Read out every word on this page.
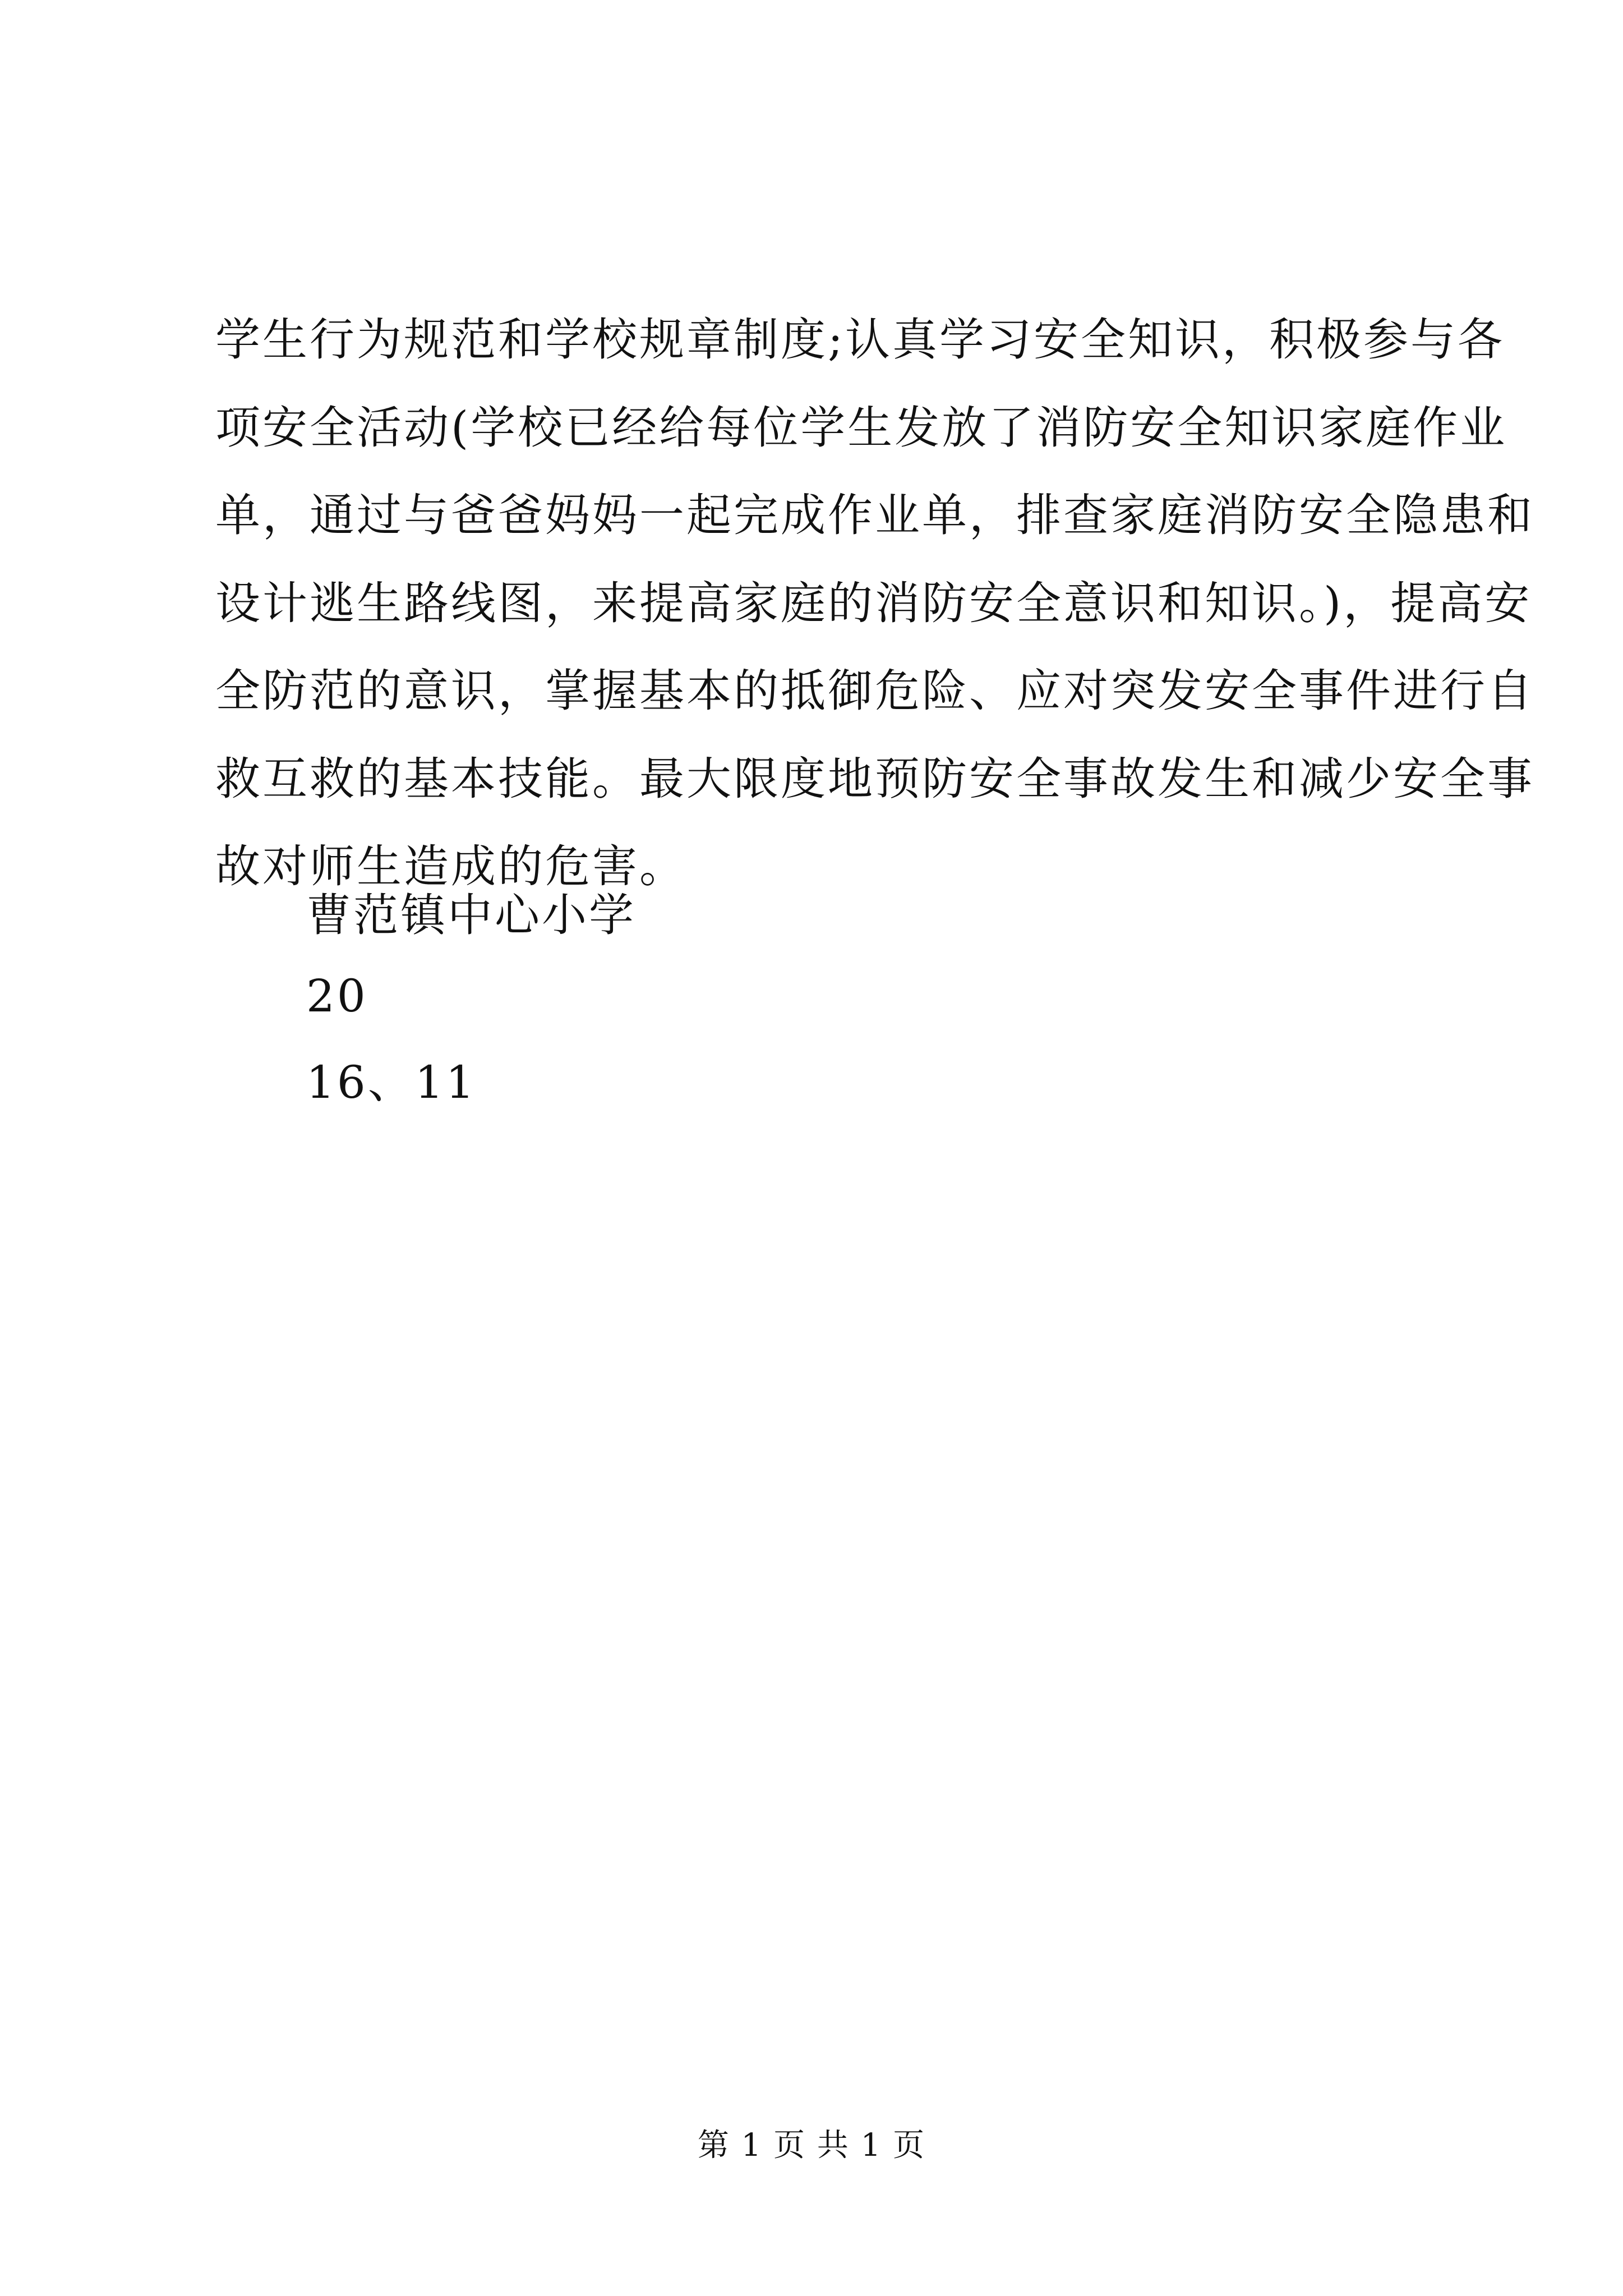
学生行为规范和学校规章制度;认真学习安全知识，积极参与各
项安全活动(学校已经给每位学生发放了消防安全知识家庭作业
单，通过与爸爸妈妈一起完成作业单，排查家庭消防安全隐患和
设计逃生路线图，来提高家庭的消防安全意识和知识。)，提高安
全防范的意识，掌握基本的抵御危险、应对突发安全事件进行自
救互救的基本技能。最大限度地预防安全事故发生和减少安全事
故对师生造成的危害。
曹范镇中心小学
20
16、11
第 1 页 共 1 页
